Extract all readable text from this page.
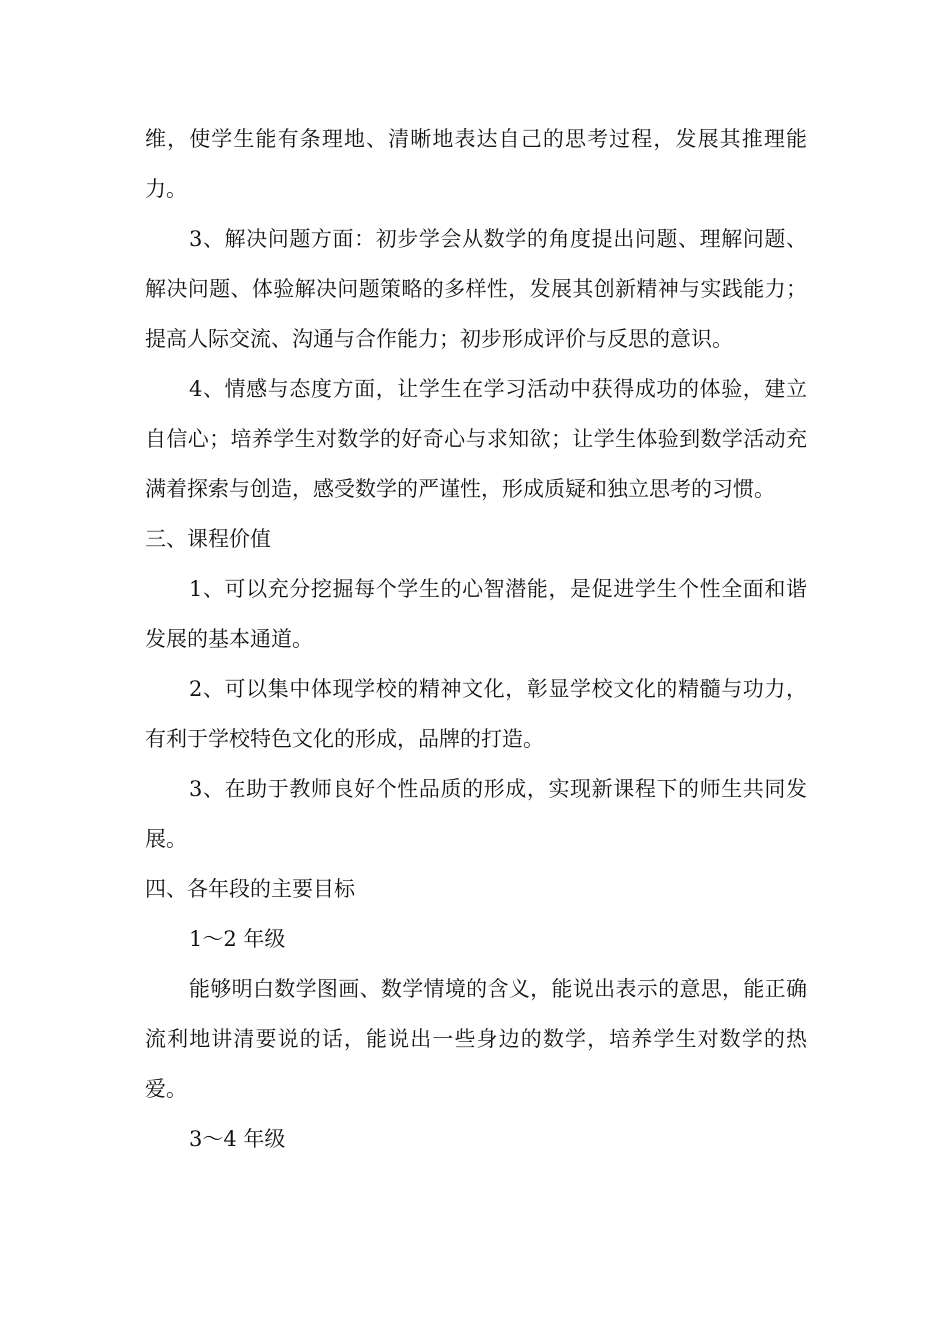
维，使学生能有条理地、清晰地表达自己的思考过程，发展其推理能力。

3、解决问题方面：初步学会从数学的角度提出问题、理解问题、解决问题、体验解决问题策略的多样性，发展其创新精神与实践能力；提高人际交流、沟通与合作能力；初步形成评价与反思的意识。

4、情感与态度方面，让学生在学习活动中获得成功的体验，建立自信心；培养学生对数学的好奇心与求知欲；让学生体验到数学活动充满着探索与创造，感受数学的严谨性，形成质疑和独立思考的习惯。

三、课程价值

1、可以充分挖掘每个学生的心智潜能，是促进学生个性全面和谐发展的基本通道。

2、可以集中体现学校的精神文化，彰显学校文化的精髓与功力，有利于学校特色文化的形成，品牌的打造。

3、在助于教师良好个性品质的形成，实现新课程下的师生共同发展。

四、各年段的主要目标

1～2 年级

能够明白数学图画、数学情境的含义，能说出表示的意思，能正确流利地讲清要说的话，能说出一些身边的数学，培养学生对数学的热爱。

3～4 年级
